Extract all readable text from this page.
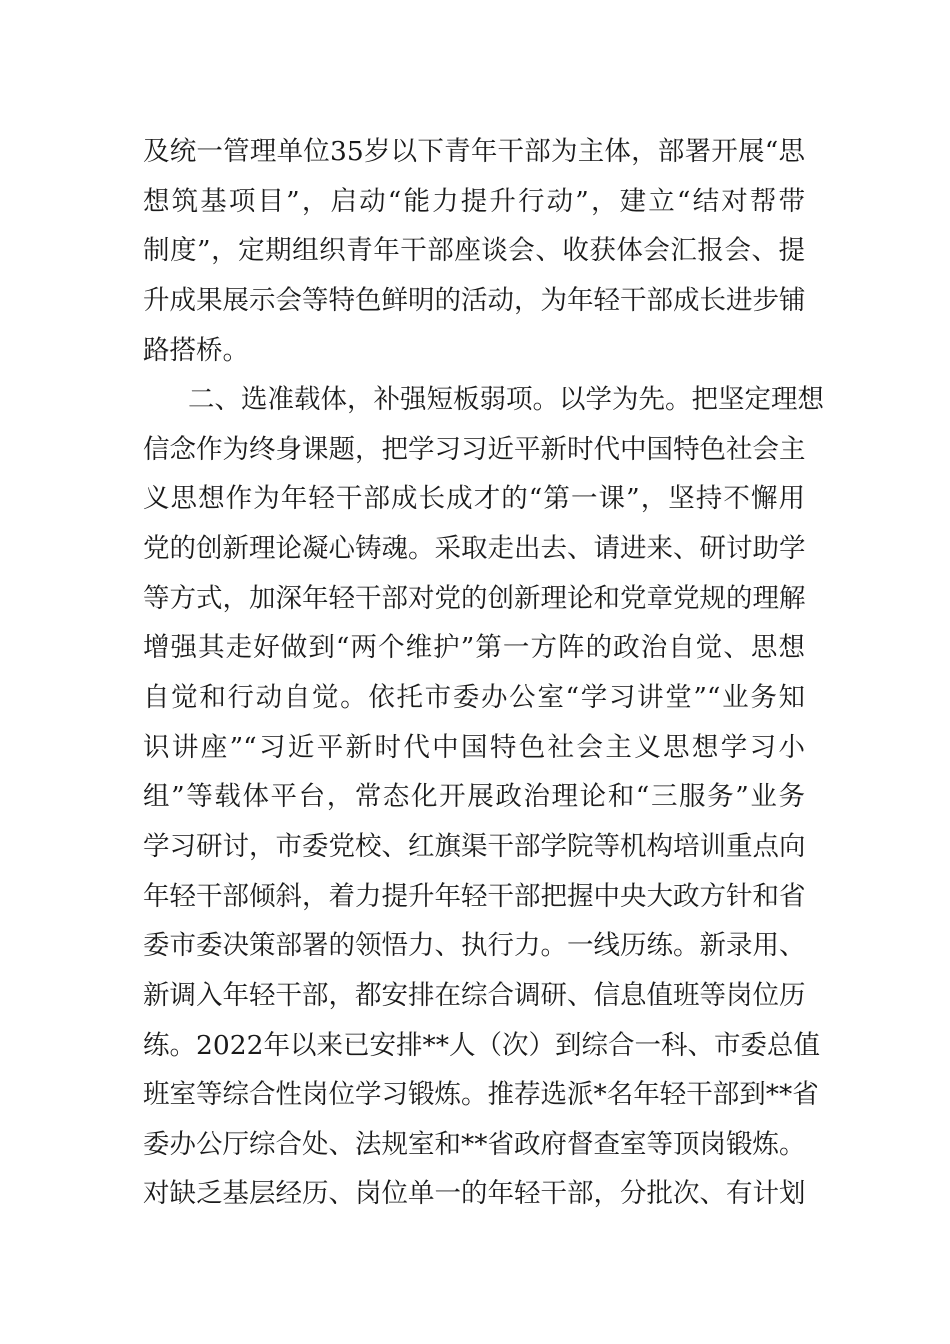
及统一管理单位35岁以下青年干部为主体，部署开展“思
想筑基项目”，启动“能力提升行动”，建立“结对帮带
制度”，定期组织青年干部座谈会、收获体会汇报会、提
升成果展示会等特色鲜明的活动，为年轻干部成长进步铺
路搭桥。
二、选准载体，补强短板弱项。以学为先。把坚定理想
信念作为终身课题，把学习习近平新时代中国特色社会主
义思想作为年轻干部成长成才的“第一课”，坚持不懈用
党的创新理论凝心铸魂。采取走出去、请进来、研讨助学
等方式，加深年轻干部对党的创新理论和党章党规的理解
增强其走好做到“两个维护”第一方阵的政治自觉、思想
自觉和行动自觉。依托市委办公室“学习讲堂”“业务知
识讲座”“习近平新时代中国特色社会主义思想学习小
组”等载体平台，常态化开展政治理论和“三服务”业务
学习研讨，市委党校、红旗渠干部学院等机构培训重点向
年轻干部倾斜，着力提升年轻干部把握中央大政方针和省
委市委决策部署的领悟力、执行力。一线历练。新录用、
新调入年轻干部，都安排在综合调研、信息值班等岗位历
练。2022年以来已安排**人（次）到综合一科、市委总值
班室等综合性岗位学习锻炼。推荐选派*名年轻干部到**省
委办公厅综合处、法规室和**省政府督查室等顶岗锻炼。
对缺乏基层经历、岗位单一的年轻干部，分批次、有计划
